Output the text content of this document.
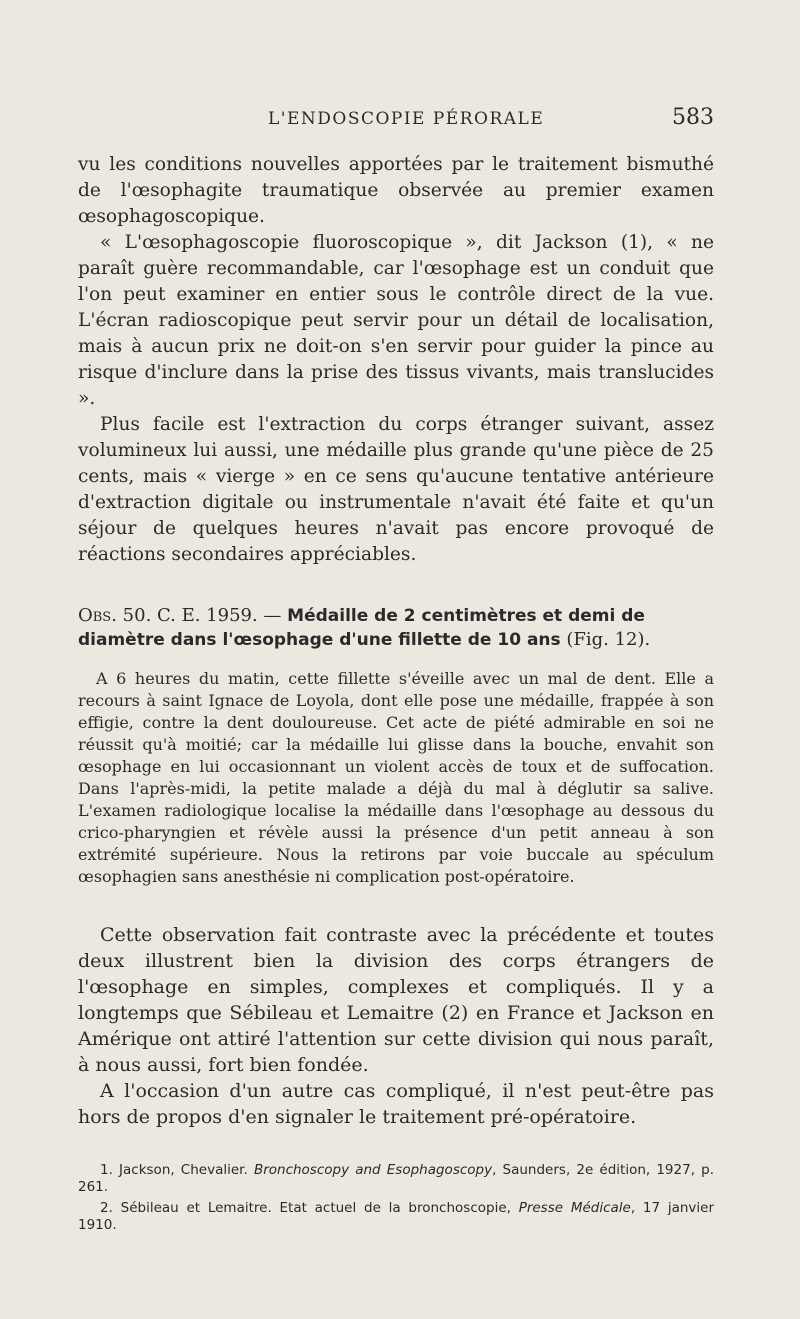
L'ENDOSCOPIE PÉRORALE	583

vu les conditions nouvelles apportées par le traitement bismuthé de l'œsophagite traumatique observée au premier examen œsophagoscopique.

« L'œsophagoscopie fluoroscopique », dit Jackson (1), « ne paraît guère recommandable, car l'œsophage est un conduit que l'on peut examiner en entier sous le contrôle direct de la vue. L'écran radioscopique peut servir pour un détail de localisation, mais à aucun prix ne doit-on s'en servir pour guider la pince au risque d'inclure dans la prise des tissus vivants, mais translucides ».

Plus facile est l'extraction du corps étranger suivant, assez volumineux lui aussi, une médaille plus grande qu'une pièce de 25 cents, mais « vierge » en ce sens qu'aucune tentative antérieure d'extraction digitale ou instrumentale n'avait été faite et qu'un séjour de quelques heures n'avait pas encore provoqué de réactions secondaires appréciables.

Obs. 50. C. E. 1959. — Médaille de 2 centimètres et demi de diamètre dans l'œsophage d'une fillette de 10 ans (Fig. 12).

A 6 heures du matin, cette fillette s'éveille avec un mal de dent. Elle a recours à saint Ignace de Loyola, dont elle pose une médaille, frappée à son effigie, contre la dent douloureuse. Cet acte de piété admirable en soi ne réussit qu'à moitié; car la médaille lui glisse dans la bouche, envahit son œsophage en lui occasionnant un violent accès de toux et de suffocation. Dans l'après-midi, la petite malade a déjà du mal à déglutir sa salive. L'examen radiologique localise la médaille dans l'œsophage au dessous du crico-pharyngien et révèle aussi la présence d'un petit anneau à son extrémité supérieure. Nous la retirons par voie buccale au spéculum œsophagien sans anesthésie ni complication post-opératoire.

Cette observation fait contraste avec la précédente et toutes deux illustrent bien la division des corps étrangers de l'œsophage en simples, complexes et compliqués. Il y a longtemps que Sébileau et Lemaitre (2) en France et Jackson en Amérique ont attiré l'attention sur cette division qui nous paraît, à nous aussi, fort bien fondée.

A l'occasion d'un autre cas compliqué, il n'est peut-être pas hors de propos d'en signaler le traitement pré-opératoire.

1. Jackson, Chevalier. Bronchoscopy and Esophagoscopy, Saunders, 2e édition, 1927, p. 261.

2. Sébileau et Lemaitre. Etat actuel de la bronchoscopie, Presse Médicale, 17 janvier 1910.
